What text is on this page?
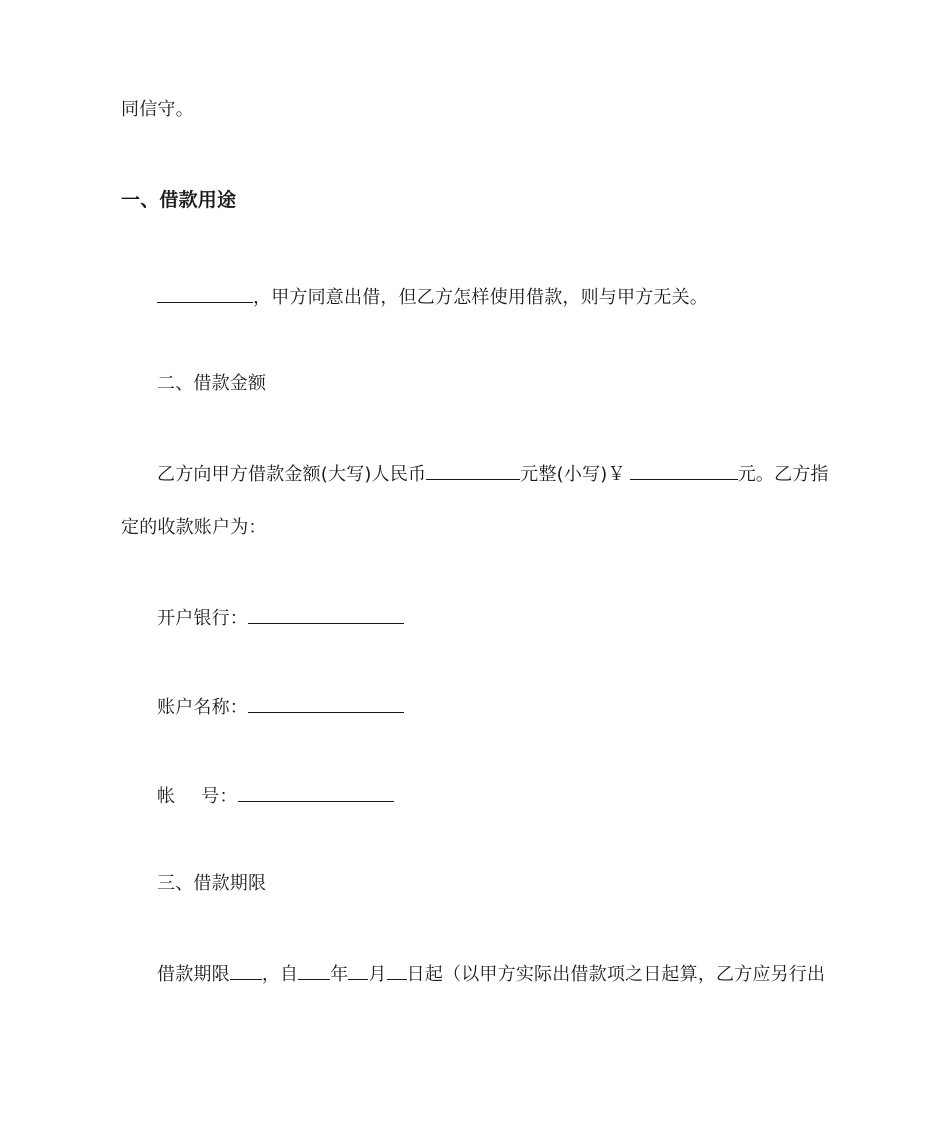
同信守。
一、借款用途
，甲方同意出借，但乙方怎样使用借款，则与甲方无关。
二、借款金额
乙方向甲方借款金额(大写)人民币	元整(小写)￥	元。乙方指
定的收款账户为：
开户银行：
账户名称：
帐 号：
三、借款期限
借款期限 ，自 年 月 日起（以甲方实际出借款项之日起算，乙方应另行出
